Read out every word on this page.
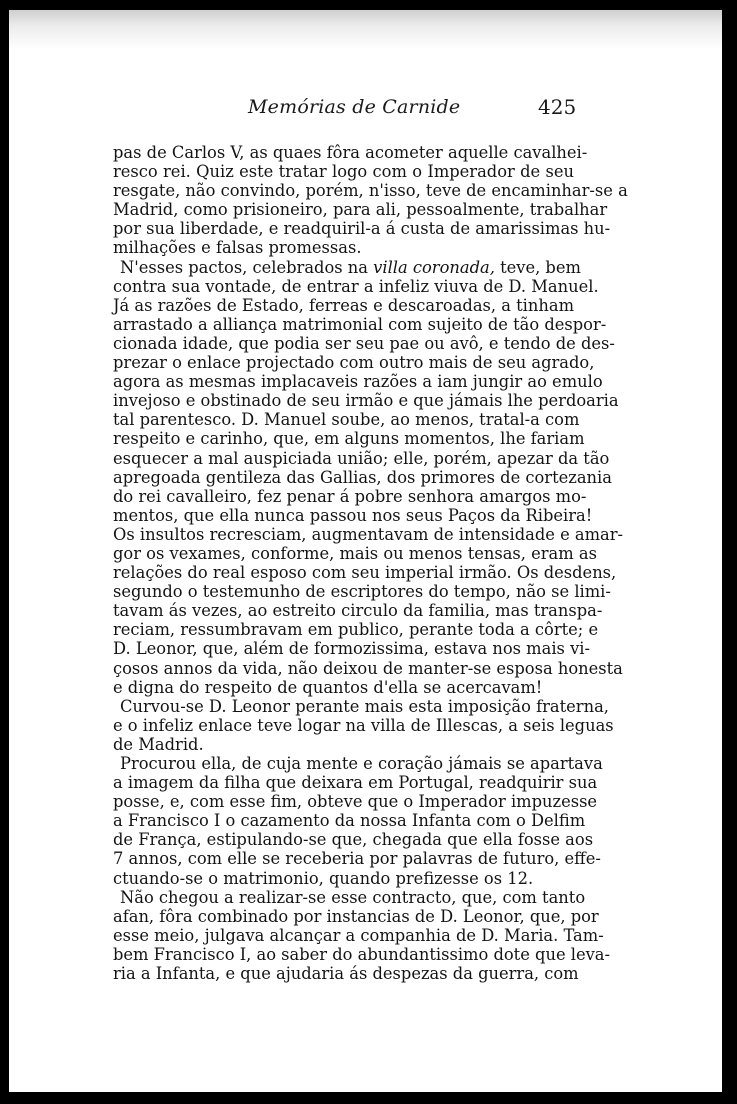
Memórias de Carnide	425
pas de Carlos V, as quaes fôra acometer aquelle cavalhei-
resco rei. Quiz este tratar logo com o Imperador de seu
resgate, não convindo, porém, n'isso, teve de encaminhar-se a
Madrid, como prisioneiro, para ali, pessoalmente, trabalhar
por sua liberdade, e readquiril-a á custa de amarissimas hu-
milhações e falsas promessas.
N'esses pactos, celebrados na villa coronada, teve, bem
contra sua vontade, de entrar a infeliz viuva de D. Manuel.
Já as razões de Estado, ferreas e descaroadas, a tinham
arrastado a alliança matrimonial com sujeito de tão despor-
cionada idade, que podia ser seu pae ou avô, e tendo de des-
prezar o enlace projectado com outro mais de seu agrado,
agora as mesmas implacaveis razões a iam jungir ao emulo
invejoso e obstinado de seu irmão e que jámais lhe perdoaria
tal parentesco. D. Manuel soube, ao menos, tratal-a com
respeito e carinho, que, em alguns momentos, lhe fariam
esquecer a mal auspiciada união; elle, porém, apezar da tão
apregoada gentileza das Gallias, dos primores de cortezania
do rei cavalleiro, fez penar á pobre senhora amargos mo-
mentos, que ella nunca passou nos seus Paços da Ribeira!
Os insultos recresciam, augmentavam de intensidade e amar-
gor os vexames, conforme, mais ou menos tensas, eram as
relações do real esposo com seu imperial irmão. Os desdens,
segundo o testemunho de escriptores do tempo, não se limi-
tavam ás vezes, ao estreito circulo da familia, mas transpa-
reciam, ressumbravam em publico, perante toda a côrte; e
D. Leonor, que, além de formozissima, estava nos mais vi-
çosos annos da vida, não deixou de manter-se esposa honesta
e digna do respeito de quantos d'ella se acercavam!
Curvou-se D. Leonor perante mais esta imposição fraterna,
e o infeliz enlace teve logar na villa de Illescas, a seis leguas
de Madrid.
Procurou ella, de cuja mente e coração jámais se apartava
a imagem da filha que deixara em Portugal, readquirir sua
posse, e, com esse fim, obteve que o Imperador impuzesse
a Francisco I o cazamento da nossa Infanta com o Delfim
de França, estipulando-se que, chegada que ella fosse aos
7 annos, com elle se receberia por palavras de futuro, effe-
ctuando-se o matrimonio, quando prefizesse os 12.
Não chegou a realizar-se esse contracto, que, com tanto
afan, fôra combinado por instancias de D. Leonor, que, por
esse meio, julgava alcançar a companhia de D. Maria. Tam-
bem Francisco I, ao saber do abundantissimo dote que leva-
ria a Infanta, e que ajudaria ás despezas da guerra, com
